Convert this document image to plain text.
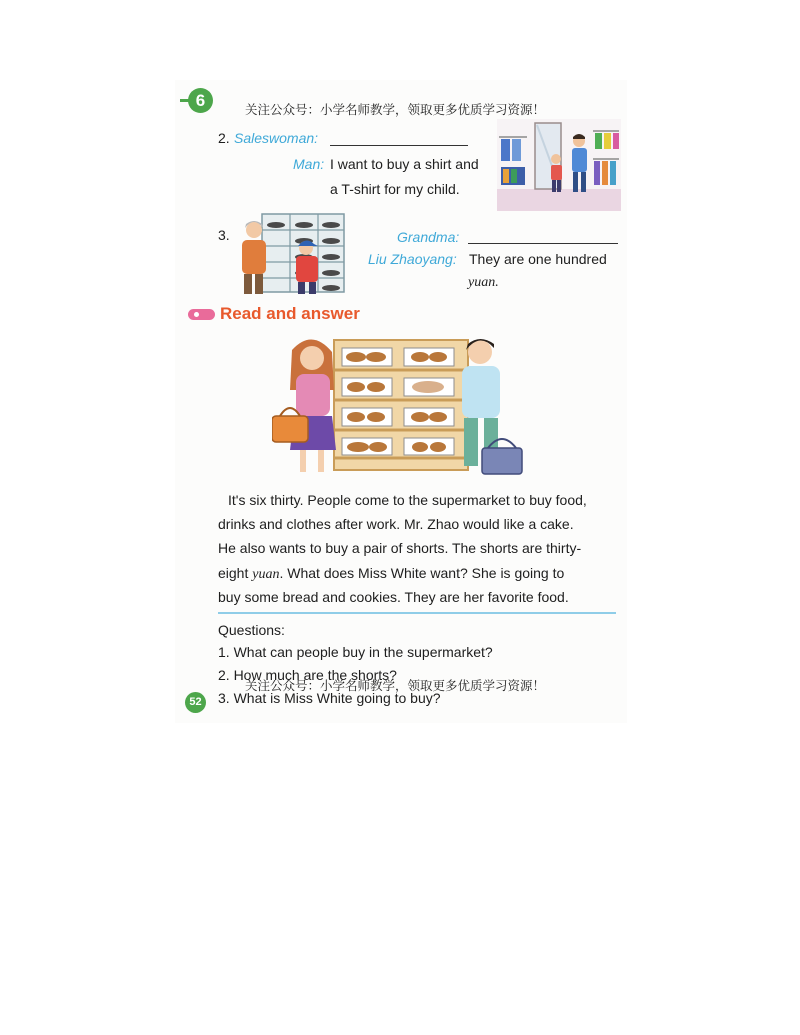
6	关注公众号：小学名师教学，领取更多优质学习资源！
2. Saleswoman:
Man: I want to buy a shirt and
a T-shirt for my child.
3.	Grandma:
Liu Zhaoyang: They are one hundred
yuan.
Read and answer
It's six thirty. People come to the supermarket to buy food,
drinks and clothes after work. Mr. Zhao would like a cake.
He also wants to buy a pair of shorts. The shorts are thirty-
eight yuan. What does Miss White want? She is going to
buy some bread and cookies. They are her favorite food.
Questions:
1. What can people buy in the supermarket?
2. How much are the shorts?
关注公众号：小学名师教学，领取更多优质学习资源！
3. What is Miss White going to buy?
52
